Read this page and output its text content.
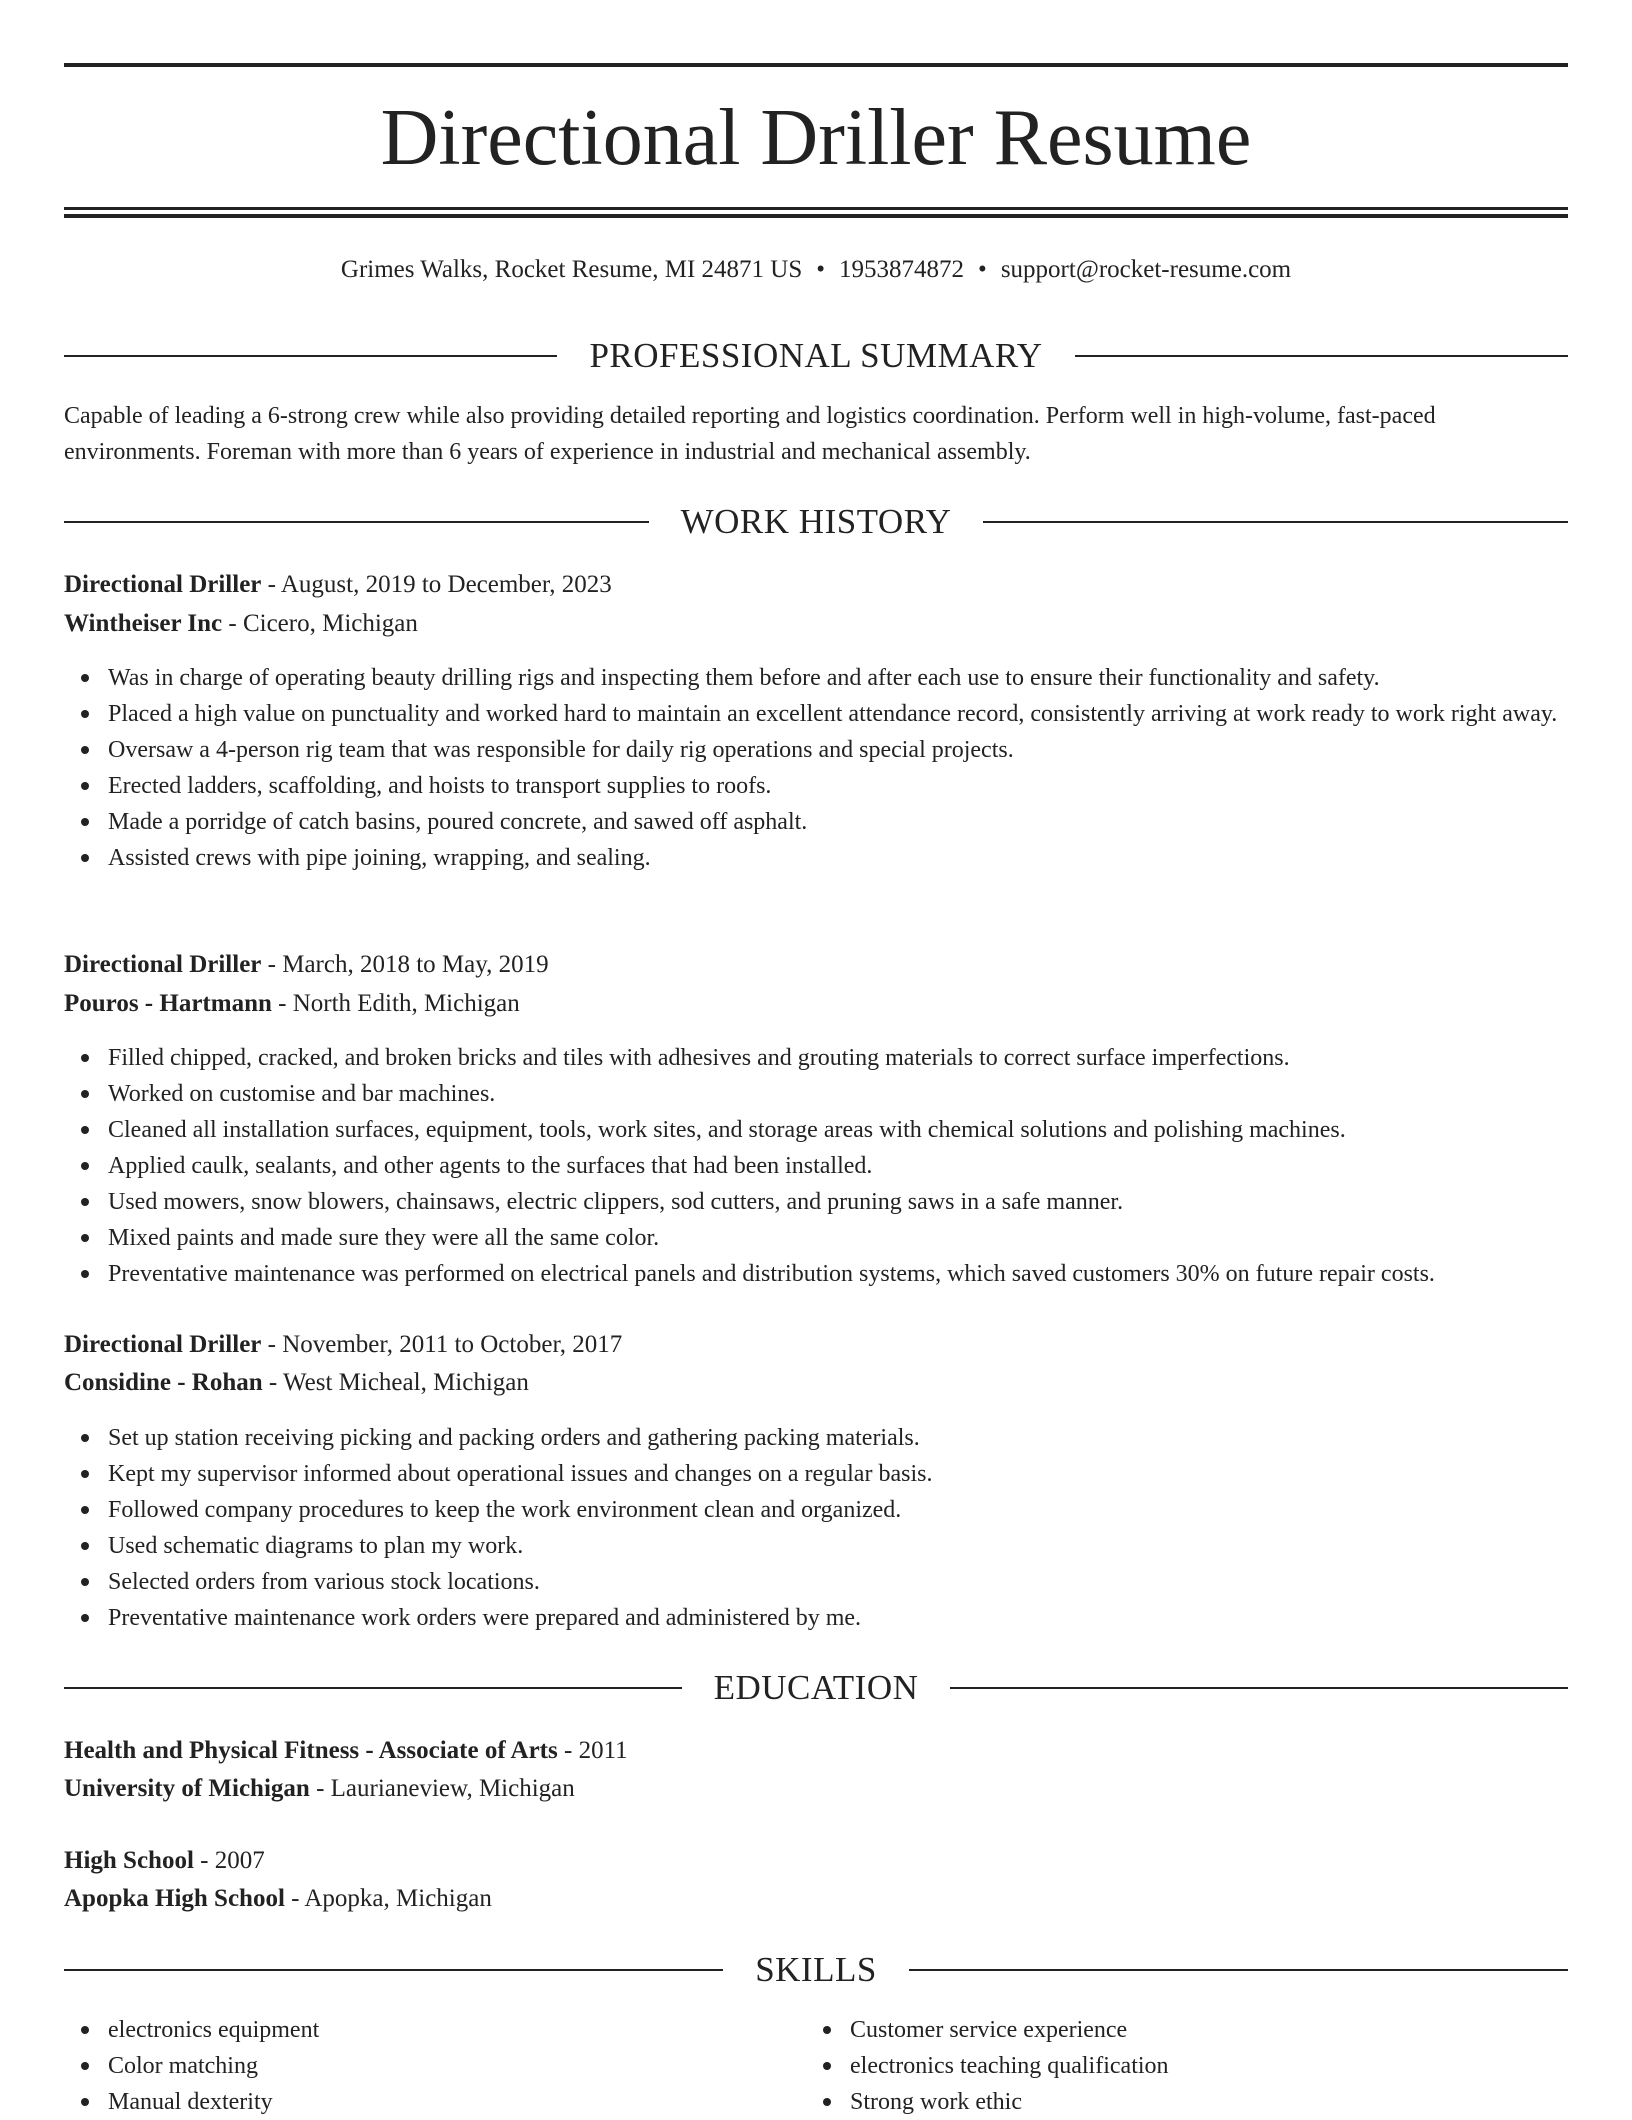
Directional Driller Resume
Grimes Walks, Rocket Resume, MI 24871 US • 1953874872 • support@rocket-resume.com
PROFESSIONAL SUMMARY
Capable of leading a 6-strong crew while also providing detailed reporting and logistics coordination. Perform well in high-volume, fast-paced environments. Foreman with more than 6 years of experience in industrial and mechanical assembly.
WORK HISTORY
Directional Driller - August, 2019 to December, 2023
Wintheiser Inc - Cicero, Michigan
Was in charge of operating beauty drilling rigs and inspecting them before and after each use to ensure their functionality and safety.
Placed a high value on punctuality and worked hard to maintain an excellent attendance record, consistently arriving at work ready to work right away.
Oversaw a 4-person rig team that was responsible for daily rig operations and special projects.
Erected ladders, scaffolding, and hoists to transport supplies to roofs.
Made a porridge of catch basins, poured concrete, and sawed off asphalt.
Assisted crews with pipe joining, wrapping, and sealing.
Directional Driller - March, 2018 to May, 2019
Pouros - Hartmann - North Edith, Michigan
Filled chipped, cracked, and broken bricks and tiles with adhesives and grouting materials to correct surface imperfections.
Worked on customise and bar machines.
Cleaned all installation surfaces, equipment, tools, work sites, and storage areas with chemical solutions and polishing machines.
Applied caulk, sealants, and other agents to the surfaces that had been installed.
Used mowers, snow blowers, chainsaws, electric clippers, sod cutters, and pruning saws in a safe manner.
Mixed paints and made sure they were all the same color.
Preventative maintenance was performed on electrical panels and distribution systems, which saved customers 30% on future repair costs.
Directional Driller - November, 2011 to October, 2017
Considine - Rohan - West Micheal, Michigan
Set up station receiving picking and packing orders and gathering packing materials.
Kept my supervisor informed about operational issues and changes on a regular basis.
Followed company procedures to keep the work environment clean and organized.
Used schematic diagrams to plan my work.
Selected orders from various stock locations.
Preventative maintenance work orders were prepared and administered by me.
EDUCATION
Health and Physical Fitness - Associate of Arts - 2011
University of Michigan - Laurianeview, Michigan
High School - 2007
Apopka High School - Apopka, Michigan
SKILLS
electronics equipment
Color matching
Manual dexterity
Customer service experience
electronics teaching qualification
Strong work ethic
